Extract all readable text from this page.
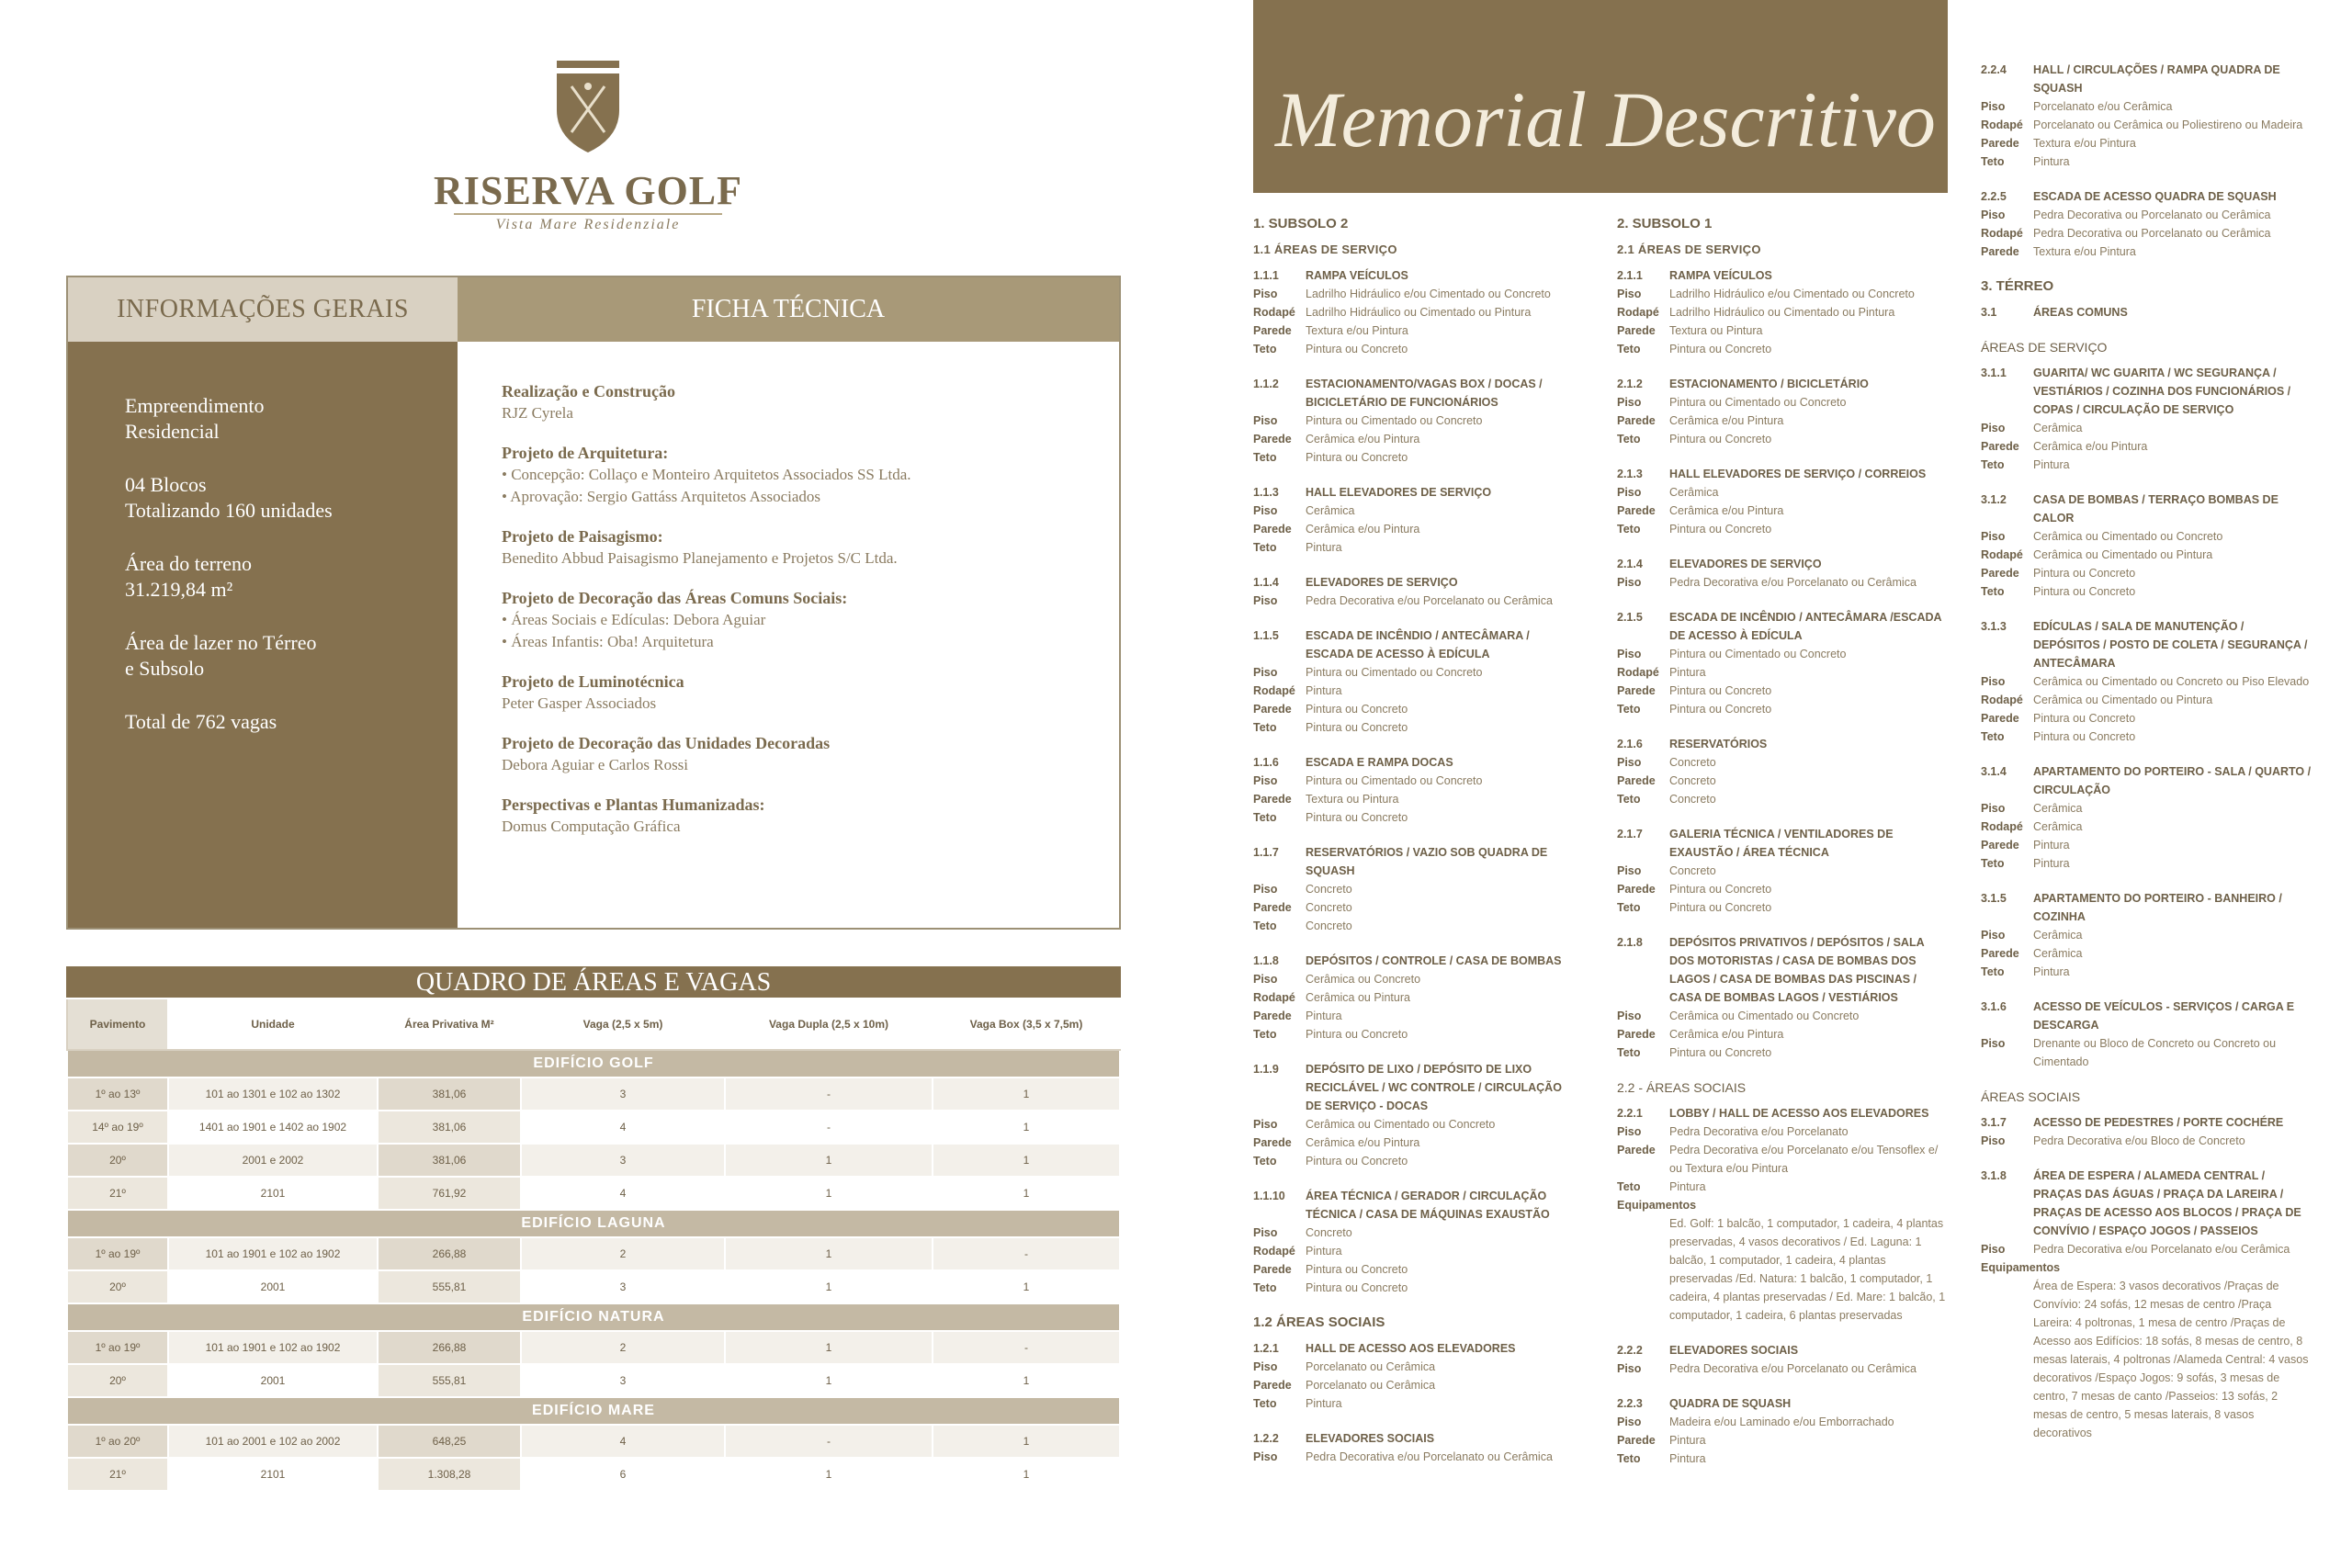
RISERVA GOLF
Vista Mare Residenziale
INFORMAÇÕES GERAIS	FICHA TÉCNICA

Empreendimento
Residencial

04 Blocos
Totalizando 160 unidades

Área do terreno
31.219,84 m²

Área de lazer no Térreo
e Subsolo

Total de 762 vagas

Realização e Construção
RJZ Cyrela
Projeto de Arquitetura:
• Concepção: Collaço e Monteiro Arquitetos Associados SS Ltda.
• Aprovação: Sergio Gattáss Arquitetos Associados
Projeto de Paisagismo:
Benedito Abbud Paisagismo Planejamento e Projetos S/C Ltda.
Projeto de Decoração das Áreas Comuns Sociais:
• Áreas Sociais e Edículas: Debora Aguiar
• Áreas Infantis: Oba! Arquitetura
Projeto de Luminotécnica
Peter Gasper Associados
Projeto de Decoração das Unidades Decoradas
Debora Aguiar e Carlos Rossi
Perspectivas e Plantas Humanizadas:
Domus Computação Gráfica
QUADRO DE ÁREAS E VAGAS
Pavimento	Unidade	Área Privativa M²	Vaga (2,5 x 5m)	Vaga Dupla (2,5 x 10m)	Vaga Box (3,5 x 7,5m)
EDIFÍCIO GOLF					
1º ao 13º	101 ao 1301 e 102 ao 1302	381,06	3	-	1
14º ao 19º	1401 ao 1901 e 1402 ao 1902	381,06	4	-	1
20º	2001 e 2002	381,06	3	1	1
21º	2101	761,92	4	1	1
EDIFÍCIO LAGUNA					
1º ao 19º	101 ao 1901 e 102 ao 1902	266,88	2	1	-
20º	2001	555,81	3	1	1
EDIFÍCIO NATURA					
1º ao 19º	101 ao 1901 e 102 ao 1902	266,88	2	1	-
20º	2001	555,81	3	1	1
EDIFÍCIO MARE					
1º ao 20º	101 ao 2001 e 102 ao 2002	648,25	4	-	1
21º	2101	1.308,28	6	1	1
Memorial Descritivo
1. SUBSOLO 2
1.1 ÁREAS DE SERVIÇO
1.1.1	RAMPA VEÍCULOS
Piso	Ladrilho Hidráulico e/ou Cimentado ou Concreto
Rodapé Ladrilho Hidráulico ou Cimentado ou Pintura
Parede	Textura e/ou Pintura
Teto	Pintura ou Concreto
1.1.2	ESTACIONAMENTO/VAGAS BOX / DOCAS / BICICLETÁRIO DE FUNCIONÁRIOS
Piso	Pintura ou Cimentado ou Concreto
Parede	Cerâmica e/ou Pintura
Teto	Pintura ou Concreto
1.1.3	HALL ELEVADORES DE SERVIÇO
Piso	Cerâmica
Parede	Cerâmica e/ou Pintura
Teto	Pintura
1.1.4	ELEVADORES DE SERVIÇO
Piso	Pedra Decorativa e/ou Porcelanato ou Cerâmica
1.1.5	ESCADA DE INCÊNDIO / ANTECÂMARA / ESCADA DE ACESSO À EDÍCULA
Piso	Pintura ou Cimentado ou Concreto
Rodapé Pintura
Parede	Pintura ou Concreto
Teto	Pintura ou Concreto
1.1.6	ESCADA E RAMPA DOCAS
Piso	Pintura ou Cimentado ou Concreto
Parede	Textura ou Pintura
Teto	Pintura ou Concreto
1.1.7	RESERVATÓRIOS / VAZIO SOB QUADRA DE SQUASH
Piso	Concreto
Parede	Concreto
Teto	Concreto
1.1.8	DEPÓSITOS / CONTROLE / CASA DE BOMBAS
Piso	Cerâmica ou Concreto
Rodapé Cerâmica ou Pintura
Parede	Pintura
Teto	Pintura ou Concreto
1.1.9	DEPÓSITO DE LIXO / DEPÓSITO DE LIXO RECICLÁVEL / WC CONTROLE / CIRCULAÇÃO DE SERVIÇO - DOCAS
Piso	Cerâmica ou Cimentado ou Concreto
Parede	Cerâmica e/ou Pintura
Teto	Pintura ou Concreto
1.1.10	ÁREA TÉCNICA / GERADOR / CIRCULAÇÃO TÉCNICA / CASA DE MÁQUINAS EXAUSTÃO
Piso	Concreto
Rodapé Pintura
Parede	Pintura ou Concreto
Teto	Pintura ou Concreto
1.2 ÁREAS SOCIAIS
1.2.1	HALL DE ACESSO AOS ELEVADORES
Piso	Porcelanato ou Cerâmica
Parede	Porcelanato ou Cerâmica
Teto	Pintura
1.2.2	ELEVADORES SOCIAIS
Piso	Pedra Decorativa e/ou Porcelanato ou Cerâmica
2. SUBSOLO 1
2.1 ÁREAS DE SERVIÇO
2.1.1	RAMPA VEÍCULOS
Piso	Ladrilho Hidráulico e/ou Cimentado ou Concreto
Rodapé Ladrilho Hidráulico ou Cimentado ou Pintura
Parede	Textura ou Pintura
Teto	Pintura ou Concreto
2.1.2	ESTACIONAMENTO / BICICLETÁRIO
Piso	Pintura ou Cimentado ou Concreto
Parede	Cerâmica e/ou Pintura
Teto	Pintura ou Concreto
2.1.3	HALL ELEVADORES DE SERVIÇO / CORREIOS
Piso	Cerâmica
Parede	Cerâmica e/ou Pintura
Teto	Pintura ou Concreto
2.1.4	ELEVADORES DE SERVIÇO
Piso	Pedra Decorativa e/ou Porcelanato ou Cerâmica
2.1.5	ESCADA DE INCÊNDIO / ANTECÂMARA /ESCADA DE ACESSO À EDÍCULA
Piso	Pintura ou Cimentado ou Concreto
Rodapé Pintura
Parede	Pintura ou Concreto
Teto	Pintura ou Concreto
2.1.6	RESERVATÓRIOS
Piso	Concreto
Parede	Concreto
Teto	Concreto
2.1.7	GALERIA TÉCNICA / VENTILADORES DE EXAUSTÃO / ÁREA TÉCNICA
Piso	Concreto
Parede	Pintura ou Concreto
Teto	Pintura ou Concreto
2.1.8	DEPÓSITOS PRIVATIVOS / DEPÓSITOS / SALA DOS MOTORISTAS / CASA DE BOMBAS DOS LAGOS / CASA DE BOMBAS DAS PISCINAS / CASA DE BOMBAS LAGOS / VESTIÁRIOS
Piso	Cerâmica ou Cimentado ou Concreto
Parede	Cerâmica e/ou Pintura
Teto	Pintura ou Concreto
2.2 - ÁREAS SOCIAIS
2.2.1	LOBBY / HALL DE ACESSO AOS ELEVADORES
Piso	Pedra Decorativa e/ou Porcelanato
Parede	Pedra Decorativa e/ou Porcelanato e/ou Tensoflex e/ ou Textura e/ou Pintura
Teto	Pintura
Equipamentos
Ed. Golf: 1 balcão, 1 computador, 1 cadeira, 4 plantas preservadas, 4 vasos decorativos / Ed. Laguna: 1 balcão, 1 computador, 1 cadeira, 4 plantas preservadas /Ed. Natura: 1 balcão, 1 computador, 1 cadeira, 4 plantas preservadas / Ed. Mare: 1 balcão, 1 computador, 1 cadeira, 6 plantas preservadas
2.2.2	ELEVADORES SOCIAIS
Piso	Pedra Decorativa e/ou Porcelanato ou Cerâmica
2.2.3	QUADRA DE SQUASH
Piso	Madeira e/ou Laminado e/ou Emborrachado
Parede	Pintura
Teto	Pintura
2.2.4	HALL / CIRCULAÇÕES / RAMPA QUADRA DE SQUASH
Piso	Porcelanato e/ou Cerâmica
Rodapé Porcelanato ou Cerâmica ou Poliestireno ou Madeira
Parede	Textura e/ou Pintura
Teto	Pintura
2.2.5	ESCADA DE ACESSO QUADRA DE SQUASH
Piso	Pedra Decorativa ou Porcelanato ou Cerâmica
Rodapé Pedra Decorativa ou Porcelanato ou Cerâmica
Parede	Textura e/ou Pintura
3. TÉRREO
3.1	ÁREAS COMUNS
ÁREAS DE SERVIÇO
3.1.1	GUARITA/ WC GUARITA / WC SEGURANÇA / VESTIÁRIOS / COZINHA DOS FUNCIONÁRIOS / COPAS / CIRCULAÇÃO DE SERVIÇO
Piso	Cerâmica
Parede	Cerâmica e/ou Pintura
Teto	Pintura
3.1.2	CASA DE BOMBAS / TERRAÇO BOMBAS DE CALOR
Piso	Cerâmica ou Cimentado ou Concreto
Rodapé Cerâmica ou Cimentado ou Pintura
Parede	Pintura ou Concreto
Teto	Pintura ou Concreto
3.1.3	EDÍCULAS / SALA DE MANUTENÇÃO / DEPÓSITOS / POSTO DE COLETA / SEGURANÇA / ANTECÂMARA
Piso	Cerâmica ou Cimentado ou Concreto ou Piso Elevado
Rodapé Cerâmica ou Cimentado ou Pintura
Parede	Pintura ou Concreto
Teto	Pintura ou Concreto
3.1.4	APARTAMENTO DO PORTEIRO - SALA / QUARTO / CIRCULAÇÃO
Piso	Cerâmica
Rodapé Cerâmica
Parede	Pintura
Teto	Pintura
3.1.5	APARTAMENTO DO PORTEIRO - BANHEIRO / COZINHA
Piso	Cerâmica
Parede	Cerâmica
Teto	Pintura
3.1.6	ACESSO DE VEÍCULOS - SERVIÇOS / CARGA E DESCARGA
Piso	Drenante ou Bloco de Concreto ou Concreto ou Cimentado
ÁREAS SOCIAIS
3.1.7	ACESSO DE PEDESTRES / PORTE COCHÉRE
Piso	Pedra Decorativa e/ou Bloco de Concreto
3.1.8	ÁREA DE ESPERA / ALAMEDA CENTRAL / PRAÇAS DAS ÁGUAS / PRAÇA DA LAREIRA / PRAÇAS DE ACESSO AOS BLOCOS / PRAÇA DE CONVÍVIO / ESPAÇO JOGOS / PASSEIOS
Piso	Pedra Decorativa e/ou Porcelanato e/ou Cerâmica
Equipamentos
Área de Espera: 3 vasos decorativos /Praças de Convívio: 24 sofás, 12 mesas de centro /Praça Lareira: 4 poltronas, 1 mesa de centro /Praças de Acesso aos Edifícios: 18 sofás, 8 mesas de centro, 8 mesas laterais, 4 poltronas /Alameda Central: 4 vasos decorativos /Espaço Jogos: 9 sofás, 3 mesas de centro, 7 mesas de canto /Passeios: 13 sofás, 2 mesas de centro, 5 mesas laterais, 8 vasos decorativos
